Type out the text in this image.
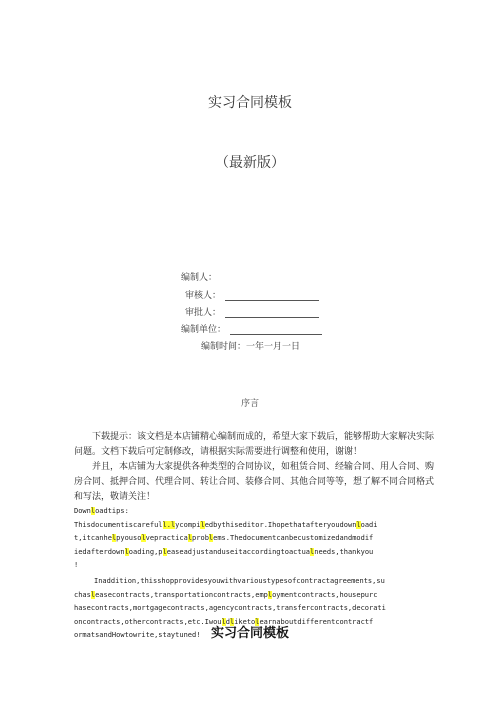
实习合同模板
（最新版）
编制人：
审核人：
审批人：
编制单位：
编制时间：一年一月一日
序言

下载提示：该文档是本店铺精心编制而成的，希望大家下载后，能够帮助大家解决实际问题。文档下载后可定制修改，请根据实际需要进行调整和使用，谢谢！

并且，本店铺为大家提供各种类型的合同协议，如租赁合同、经输合同、用人合同、购房合同、抵押合同、代理合同、转让合同、装修合同、其他合同等等，想了解不同合同格式和写法，敬请关注！

Downloadtips:
Thisdocumentiscarefull.lycompiledbythiseditor.Ihopethatafteryoudownloadi
t,itcanhelpyousolvepracticalproblems.Thedocumentcanbecustomizedandmodif
iedafterdownloading,pleaseadjustanduseitaccordingtoactualneeds,thankyou
!
Inaddition,thisshopprovidesyouwithvarioustypesofcontractagreements,su
chasleasecontracts,transportationcontracts,employmentcontracts,housepurc
hasecontracts,mortgagecontracts,agencycontracts,transfercontracts,decorati
oncontracts,othercontracts,etc.Iwouldliketolearnaboutdifferentcontractf
ormatsandHowtowrite,staytuned! 实习合同模板
